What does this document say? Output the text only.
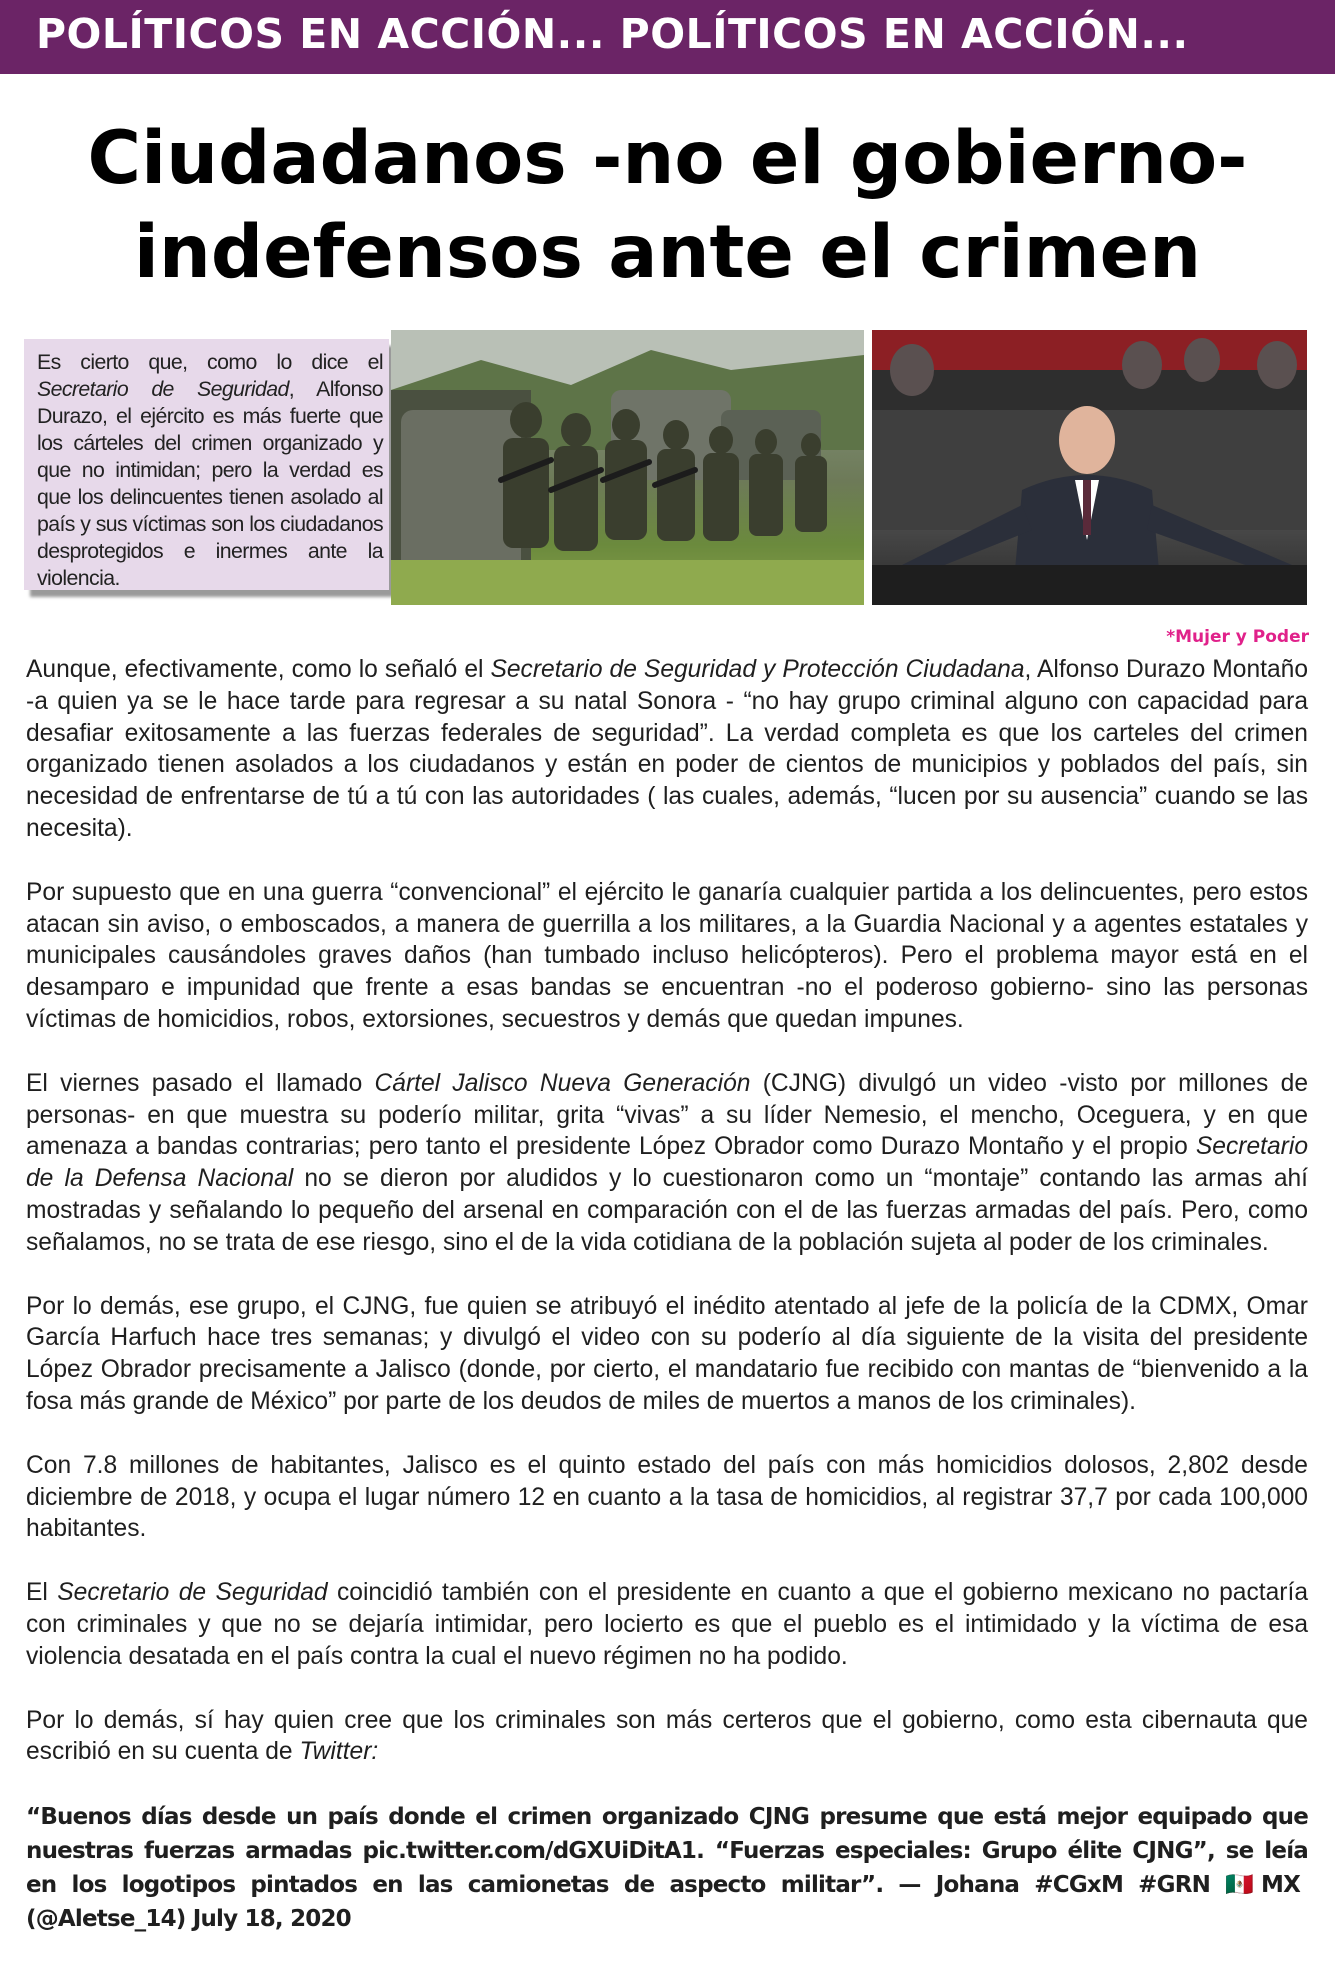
POLÍTICOS EN ACCIÓN... POLÍTICOS EN ACCIÓN...
Ciudadanos -no el gobierno-
indefensos ante el crimen
Es cierto que, como lo dice el Secretario de Seguridad, Alfonso Durazo, el ejército es más fuerte que los cárteles del crimen organizado y que no intimidan; pero la verdad es que los delincuentes tienen asolado al país y sus víctimas son los ciudadanos desprotegidos e inermes ante la violencia.
*Mujer y Poder

Aunque, efectivamente, como lo señaló el Secretario de Seguridad y Protección Ciudadana, Alfonso Durazo Montaño -a quien ya se le hace tarde para regresar a su natal Sonora - “no hay grupo criminal alguno con capacidad para desafiar exitosamente a las fuerzas federales de seguridad”. La verdad completa es que los carteles del crimen organizado tienen asolados a los ciudadanos y están en poder de cientos de municipios y poblados del país, sin necesidad de enfrentarse de tú a tú con las autoridades ( las cuales, además, “lucen por su ausencia” cuando se las necesita).

Por supuesto que en una guerra “convencional” el ejército le ganaría cualquier partida a los delincuentes, pero estos atacan sin aviso, o emboscados, a manera de guerrilla a los militares, a la Guardia Nacional y a agentes estatales y municipales causándoles graves daños (han tumbado incluso helicópteros). Pero el problema mayor está en el desamparo e impunidad que frente a esas bandas se encuentran -no el poderoso gobierno- sino las personas víctimas de homicidios, robos, extorsiones, secuestros y demás que quedan impunes.

El viernes pasado el llamado Cártel Jalisco Nueva Generación (CJNG) divulgó un video -visto por millones de personas- en que muestra su poderío militar, grita “vivas” a su líder Nemesio, el mencho, Oceguera, y en que amenaza a bandas contrarias; pero tanto el presidente López Obrador como Durazo Montaño y el propio Secretario de la Defensa Nacional no se dieron por aludidos y lo cuestionaron como un “montaje” contando las armas ahí mostradas y señalando lo pequeño del arsenal en comparación con el de las fuerzas armadas del país. Pero, como señalamos, no se trata de ese riesgo, sino el de la vida cotidiana de la población sujeta al poder de los criminales.

Por lo demás, ese grupo, el CJNG, fue quien se atribuyó el inédito atentado al jefe de la policía de la CDMX, Omar García Harfuch hace tres semanas; y divulgó el video con su poderío al día siguiente de la visita del presidente López Obrador precisamente a Jalisco (donde, por cierto, el mandatario fue recibido con mantas de “bienvenido a la fosa más grande de México” por parte de los deudos de miles de muertos a manos de los criminales).

Con 7.8 millones de habitantes, Jalisco es el quinto estado del país con más homicidios dolosos, 2,802 desde diciembre de 2018, y ocupa el lugar número 12 en cuanto a la tasa de homicidios, al registrar 37,7 por cada 100,000 habitantes.

El Secretario de Seguridad coincidió también con el presidente en cuanto a que el gobierno mexicano no pactaría con criminales y que no se dejaría intimidar, pero locierto es que el pueblo es el intimidado y la víctima de esa violencia desatada en el país contra la cual el nuevo régimen no ha podido.

Por lo demás, sí hay quien cree que los criminales son más certeros que el gobierno, como esta cibernauta que escribió en su cuenta de Twitter:

“Buenos días desde un país donde el crimen organizado CJNG presume que está mejor equipado que nuestras fuerzas armadas pic.twitter.com/dGXUiDitA1. “Fuerzas especiales: Grupo élite CJNG”, se leía en los logotipos pintados en las camionetas de aspecto militar”. — Johana #CGxM #GRN 🇲🇽MX (@Aletse_14) July 18, 2020
